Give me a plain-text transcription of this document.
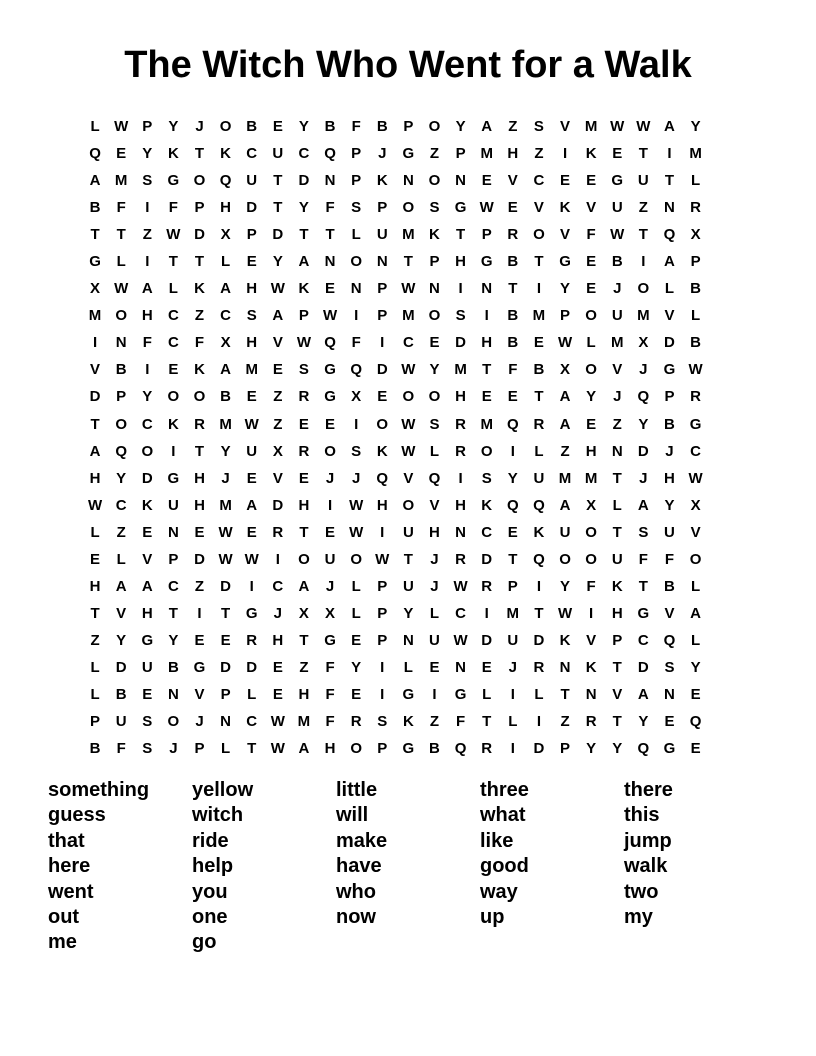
The Witch Who Went for a Walk
L W P	Y	J	O B	E	Y	B	F	B	P	O	Y	A	Z	S	V M W W A	Y
Q	E	Y	K	T	K	C	U	C Q	P	J	G	Z	P M H	Z	I	K	E	T	I	M
A M S	G O Q U	T	D	N	P	K	N O N	E	V	C	E	E	G U	T	L
B	F	I	F	P	H	D	T	Y	F	S	P	O	S	G W E	V	K	V	U	Z	N	R
T	T	Z W D	X	P	D	T	T	L	U M K	T	P	R O	V	F W T	Q	X
G	L	I	T	T	L	E	Y	A	N O N	T	P	H G B	T	G	E	B	I	A	P
X W A	L	K	A	H W K	E	N	P W N	I	N	T	I	Y	E	J	O	L	B
M O H	C	Z	C	S	A	P W	I	P M O	S	I	B M P	O U M V	L
I	N	F	C	F	X	H	V W Q	F	I	C	E	D	H	B	E W L	M X	D	B
V	B	I	E	K	A M E	S	G Q D W Y M	T	F	B	X	O	V	J	G W
D	P	Y	O O B	E	Z	R G	X	E	O O H	E	E	T	A	Y	J	Q	P	R
T	O C	K	R M W Z	E	E	I	O W S	R M Q R	A	E	Z	Y	B G
A Q O	I	T	Y	U	X	R O	S	K W L	R O	I	L	Z	H	N	D	J	C
H	Y	D G H	J	E	V	E	J	J	Q	V	Q	I	S	Y	U M M	T	J	H W
W C	K	U	H M A	D	H	I	W H O	V	H	K Q Q A	X	L	A	Y	X
L	Z	E	N	E W E	R	T	E W	I	U	H	N	C	E	K	U O	T	S	U	V
E	L	V	P	D W W	I	O U O W T	J	R	D	T	Q O O U	F	F	O
H	A	A	C	Z	D	I	C	A	J	L	P	U	J W R	P	I	Y	F	K	T	B	L
T	V	H	T	I	T	G	J	X	X	L	P	Y	L	C	I	M	T W	I	H G	V	A
Z	Y	G	Y	E	E	R	H	T	G	E	P	N	U W D	U	D	K	V	P	C Q	L
L	D	U	B G D	D	E	Z	F	Y	I	L	E	N	E	J	R	N	K	T	D	S	Y
L	B	E	N	V	P	L	E	H	F	E	I	G	I	G	L	I	L	T	N	V	A	N	E
P	U	S	O	J	N	C W M	F	R	S	K	Z	F	T	L	I	Z	R	T	Y	E	Q
B	F	S	J	P	L	T W A	H O	P	G B Q R	I	D	P	Y	Y	Q G	E
something
guess
that
here
went
out
me
yellow
witch
ride
help
you
one
go
little
will
make
have
who
now
three
what
like
good
way
up
there
this
jump
walk
two
my
